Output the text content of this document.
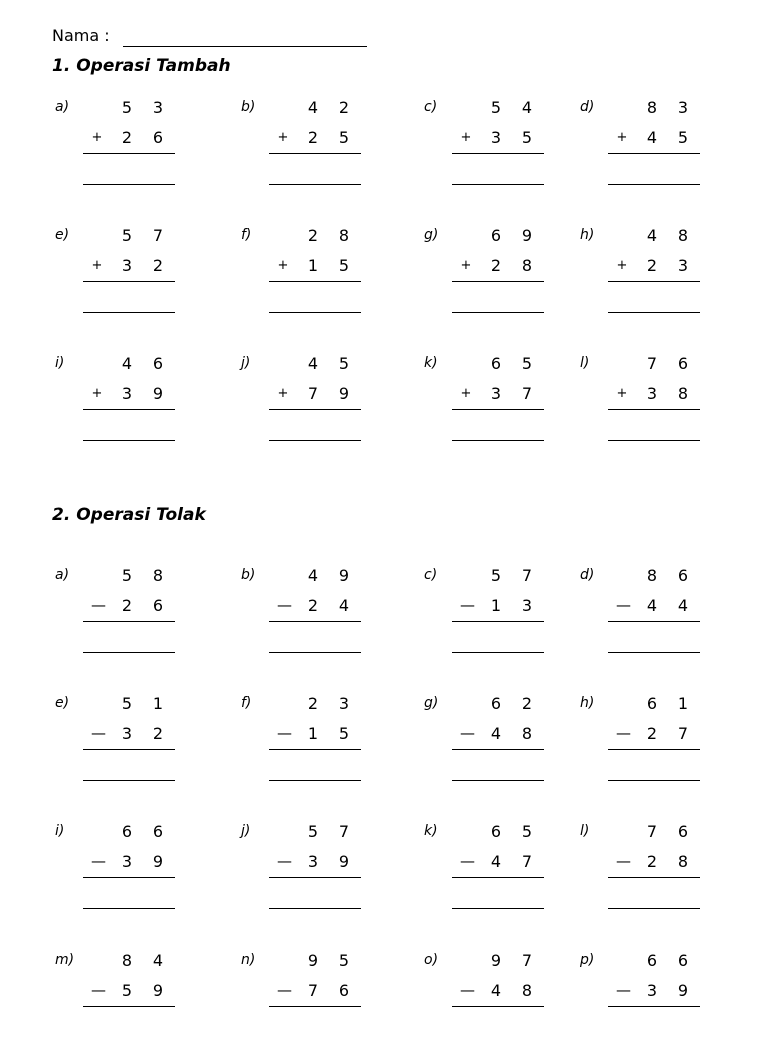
Nama :
1. Operasi Tambah
a)	5 3
+ 2 6
b)	4 2
+ 2 5
c)	5 4
+ 3 5
d)	8 3
+ 4 5
e)	5 7
+ 3 2
f)	2 8
+ 1 5
g)	6 9
+ 2 8
h)	4 8
+ 2 3
i)	4 6
+ 3 9
j)	4 5
+ 7 9
k)	6 5
+ 3 7
l)	7 6
+ 3 8
2. Operasi Tolak
a)	5 8
— 2 6
b)	4 9
— 2 4
c)	5 7
— 1 3
d)	8 6
— 4 4
e)	5 1
— 3 2
f)	2 3
— 1 5
g)	6 2
— 4 8
h)	6 1
— 2 7
i)	6 6
— 3 9
j)	5 7
— 3 9
k)	6 5
— 4 7
l)	7 6
— 2 8
m)	8 4
— 5 9
n)	9 5
— 7 6
o)	9 7
— 4 8
p)	6 6
— 3 9
